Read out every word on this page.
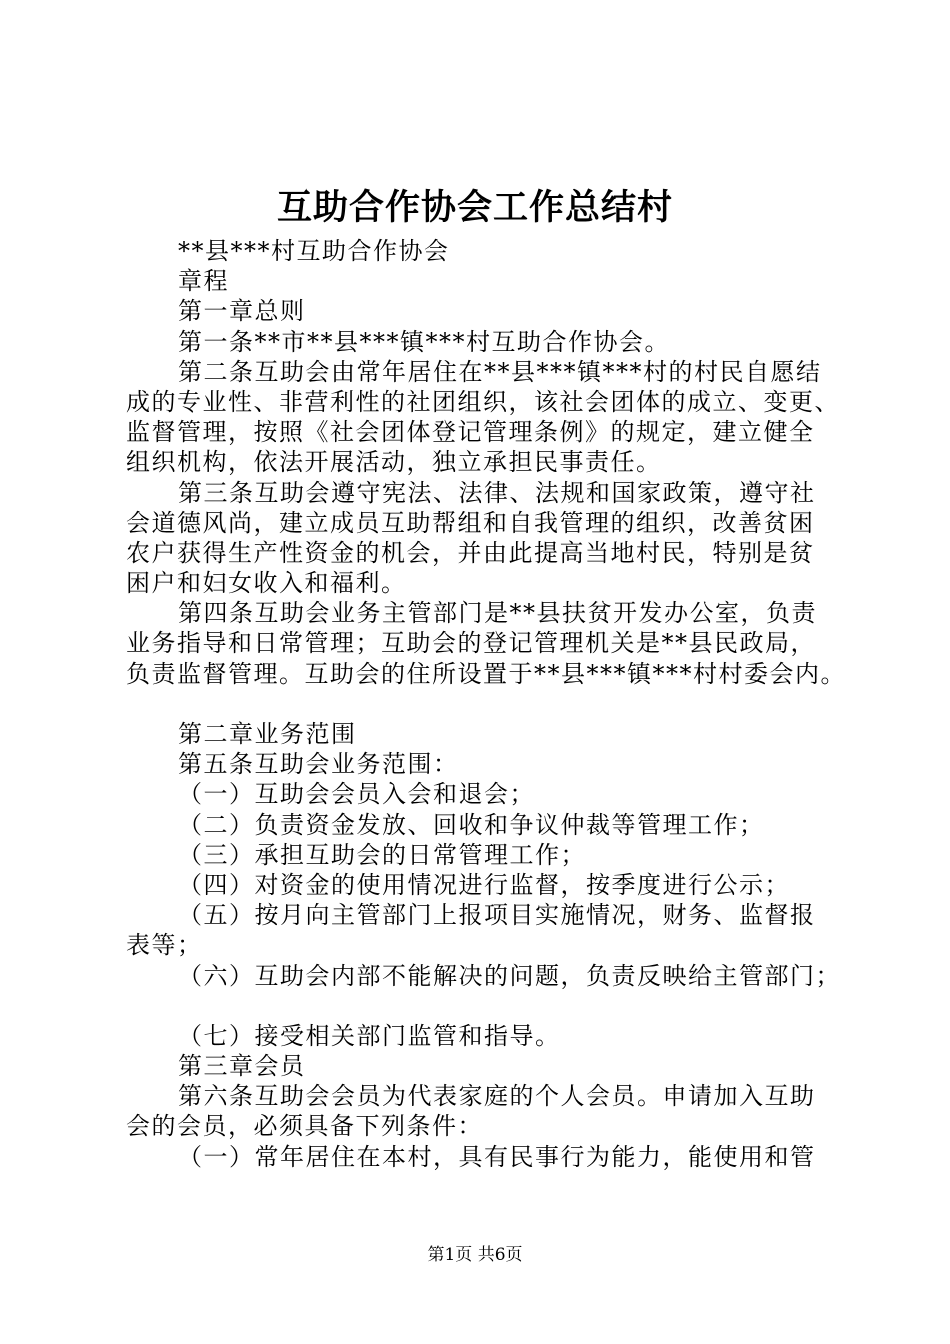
互助合作协会工作总结村
**县***村互助合作协会
章程
第一章总则
第一条**市**县***镇***村互助合作协会。
第二条互助会由常年居住在**县***镇***村的村民自愿结
成的专业性、非营利性的社团组织，该社会团体的成立、变更、
监督管理，按照《社会团体登记管理条例》的规定，建立健全
组织机构，依法开展活动，独立承担民事责任。
第三条互助会遵守宪法、法律、法规和国家政策，遵守社
会道德风尚，建立成员互助帮组和自我管理的组织，改善贫困
农户获得生产性资金的机会，并由此提高当地村民，特别是贫
困户和妇女收入和福利。
第四条互助会业务主管部门是**县扶贫开发办公室，负责
业务指导和日常管理；互助会的登记管理机关是**县民政局，
负责监督管理。互助会的住所设置于**县***镇***村村委会内。
第二章业务范围
第五条互助会业务范围：
（一）互助会会员入会和退会；
（二）负责资金发放、回收和争议仲裁等管理工作；
（三）承担互助会的日常管理工作；
（四）对资金的使用情况进行监督，按季度进行公示；
（五）按月向主管部门上报项目实施情况，财务、监督报
表等；
（六）互助会内部不能解决的问题，负责反映给主管部门；
（七）接受相关部门监管和指导。
第三章会员
第六条互助会会员为代表家庭的个人会员。申请加入互助
会的会员，必须具备下列条件：
（一）常年居住在本村，具有民事行为能力，能使用和管
第1页 共6页
